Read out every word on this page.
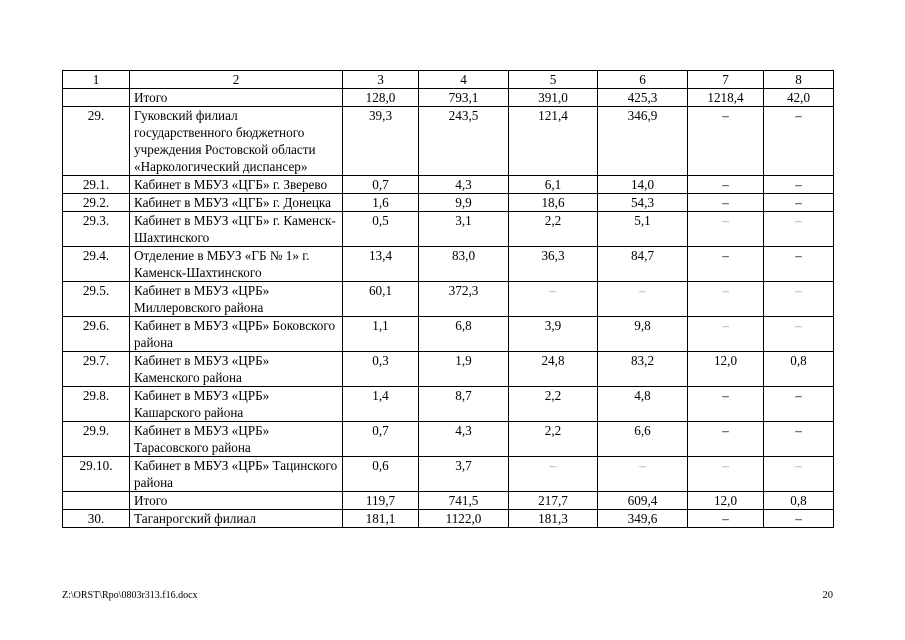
1	2	3	4	5	6	7	8
	Итого	128,0	793,1	391,0	425,3	1218,4	42,0
29.	Гуковский филиал государственного бюджетного учреждения Ростовской области «Наркологический диспансер»	39,3	243,5	121,4	346,9	–	–
29.1.	Кабинет в МБУЗ «ЦГБ» г. Зверево	0,7	4,3	6,1	14,0	–	–
29.2.	Кабинет в МБУЗ «ЦГБ» г. Донецка	1,6	9,9	18,6	54,3	–	–
29.3.	Кабинет в МБУЗ «ЦГБ» г. Каменск-Шахтинского	0,5	3,1	2,2	5,1	–	–
29.4.	Отделение в МБУЗ «ГБ № 1» г. Каменск-Шахтинского	13,4	83,0	36,3	84,7	–	–
29.5.	Кабинет в МБУЗ «ЦРБ» Миллеровского района	60,1	372,3	–	–	–	–
29.6.	Кабинет в МБУЗ «ЦРБ» Боковского района	1,1	6,8	3,9	9,8	–	–
29.7.	Кабинет в МБУЗ «ЦРБ» Каменского района	0,3	1,9	24,8	83,2	12,0	0,8
29.8.	Кабинет в МБУЗ «ЦРБ» Кашарского района	1,4	8,7	2,2	4,8	–	–
29.9.	Кабинет в МБУЗ «ЦРБ» Тарасовского района	0,7	4,3	2,2	6,6	–	–
29.10.	Кабинет в МБУЗ «ЦРБ» Тацинского района	0,6	3,7	–	–	–	–
	Итого	119,7	741,5	217,7	609,4	12,0	0,8
30.	Таганрогский филиал	181,1	1122,0	181,3	349,6	–	–
Z:\ORST\Rpo\0803r313.f16.docx	20
